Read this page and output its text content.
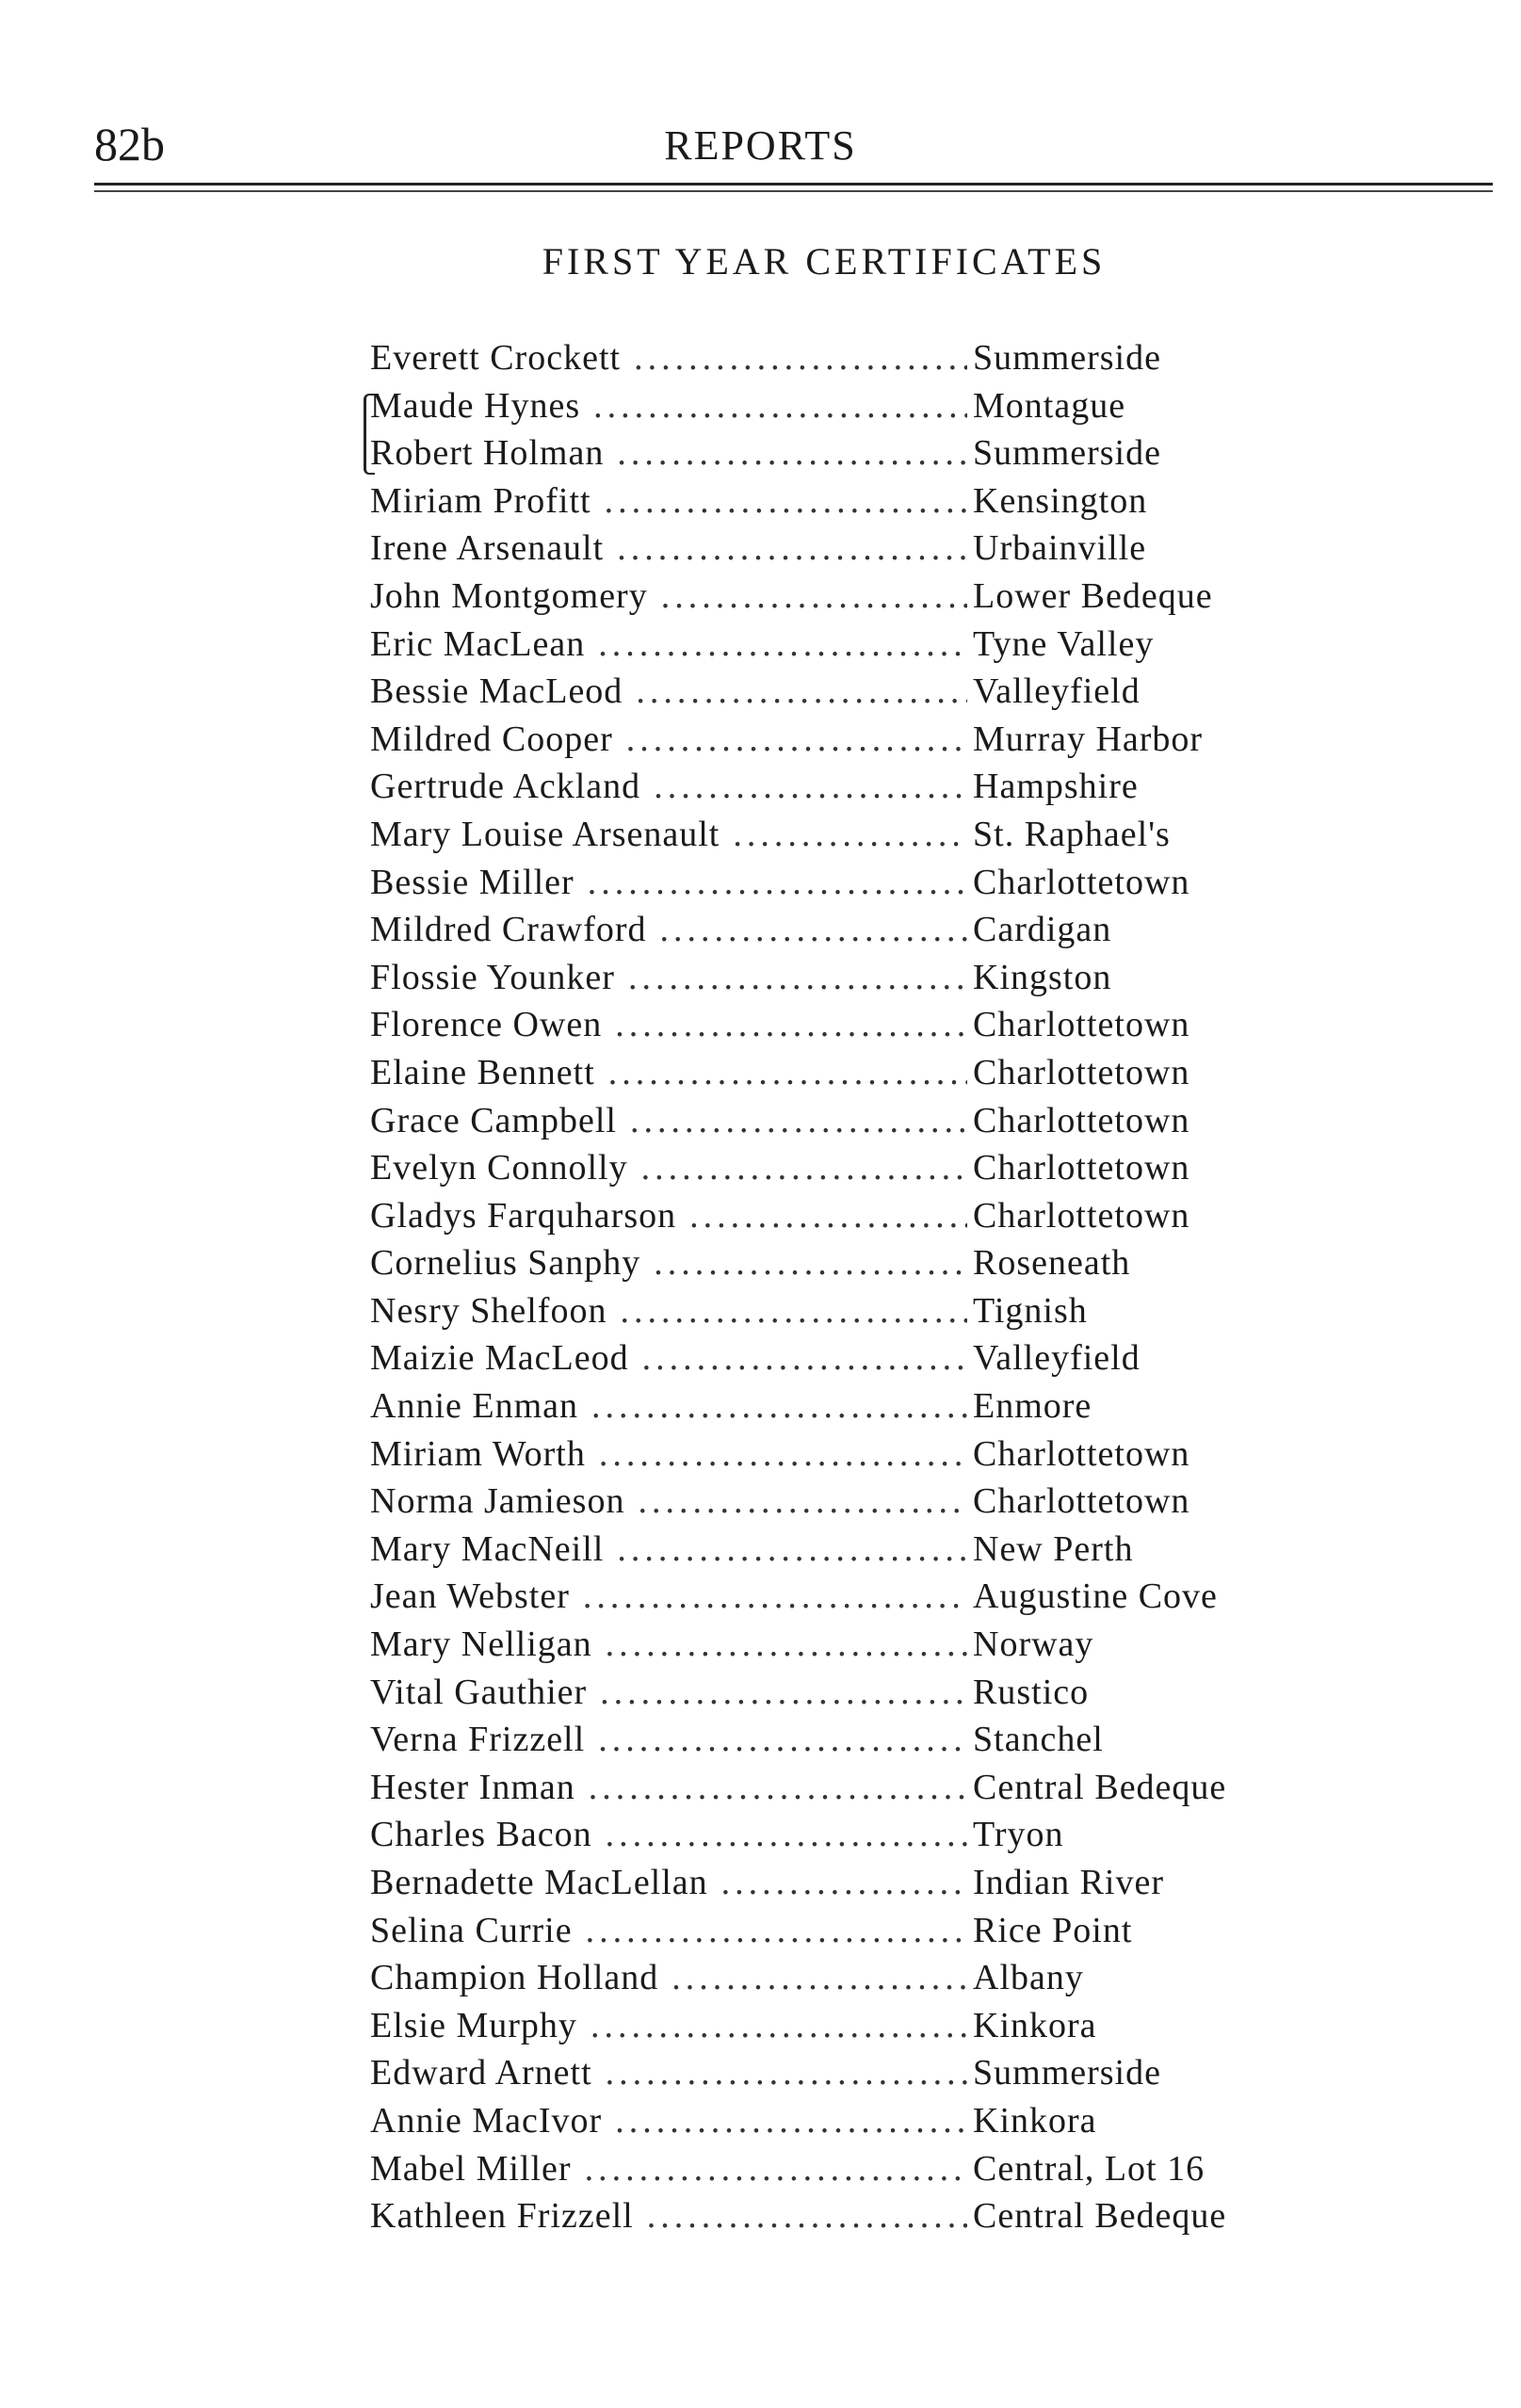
82b	REPORTS
FIRST YEAR CERTIFICATES
Everett Crockett .....	Summerside
Maude Hynes .....	Montague
Robert Holman .....	Summerside
Miriam Profitt .....	Kensington
Irene Arsenault .....	Urbainville
John Montgomery .....	Lower Bedeque
Eric MacLean .....	Tyne Valley
Bessie MacLeod .....	Valleyfield
Mildred Cooper .....	Murray Harbor
Gertrude Ackland .....	Hampshire
Mary Louise Arsenault .....	St. Raphael's
Bessie Miller .....	Charlottetown
Mildred Crawford .....	Cardigan
Flossie Younker .....	Kingston
Florence Owen .....	Charlottetown
Elaine Bennett .....	Charlottetown
Grace Campbell .....	Charlottetown
Evelyn Connolly .....	Charlottetown
Gladys Farquharson .....	Charlottetown
Cornelius Sanphy .....	Roseneath
Nesry Shelfoon .....	Tignish
Maizie MacLeod .....	Valleyfield
Annie Enman .....	Enmore
Miriam Worth .....	Charlottetown
Norma Jamieson .....	Charlottetown
Mary MacNeill .....	New Perth
Jean Webster .....	Augustine Cove
Mary Nelligan .....	Norway
Vital Gauthier .....	Rustico
Verna Frizzell .....	Stanchel
Hester Inman .....	Central Bedeque
Charles Bacon .....	Tryon
Bernadette MacLellan .....	Indian River
Selina Currie .....	Rice Point
Champion Holland .....	Albany
Elsie Murphy .....	Kinkora
Edward Arnett .....	Summerside
Annie MacIvor .....	Kinkora
Mabel Miller .....	Central, Lot 16
Kathleen Frizzell .....	Central Bedeque
